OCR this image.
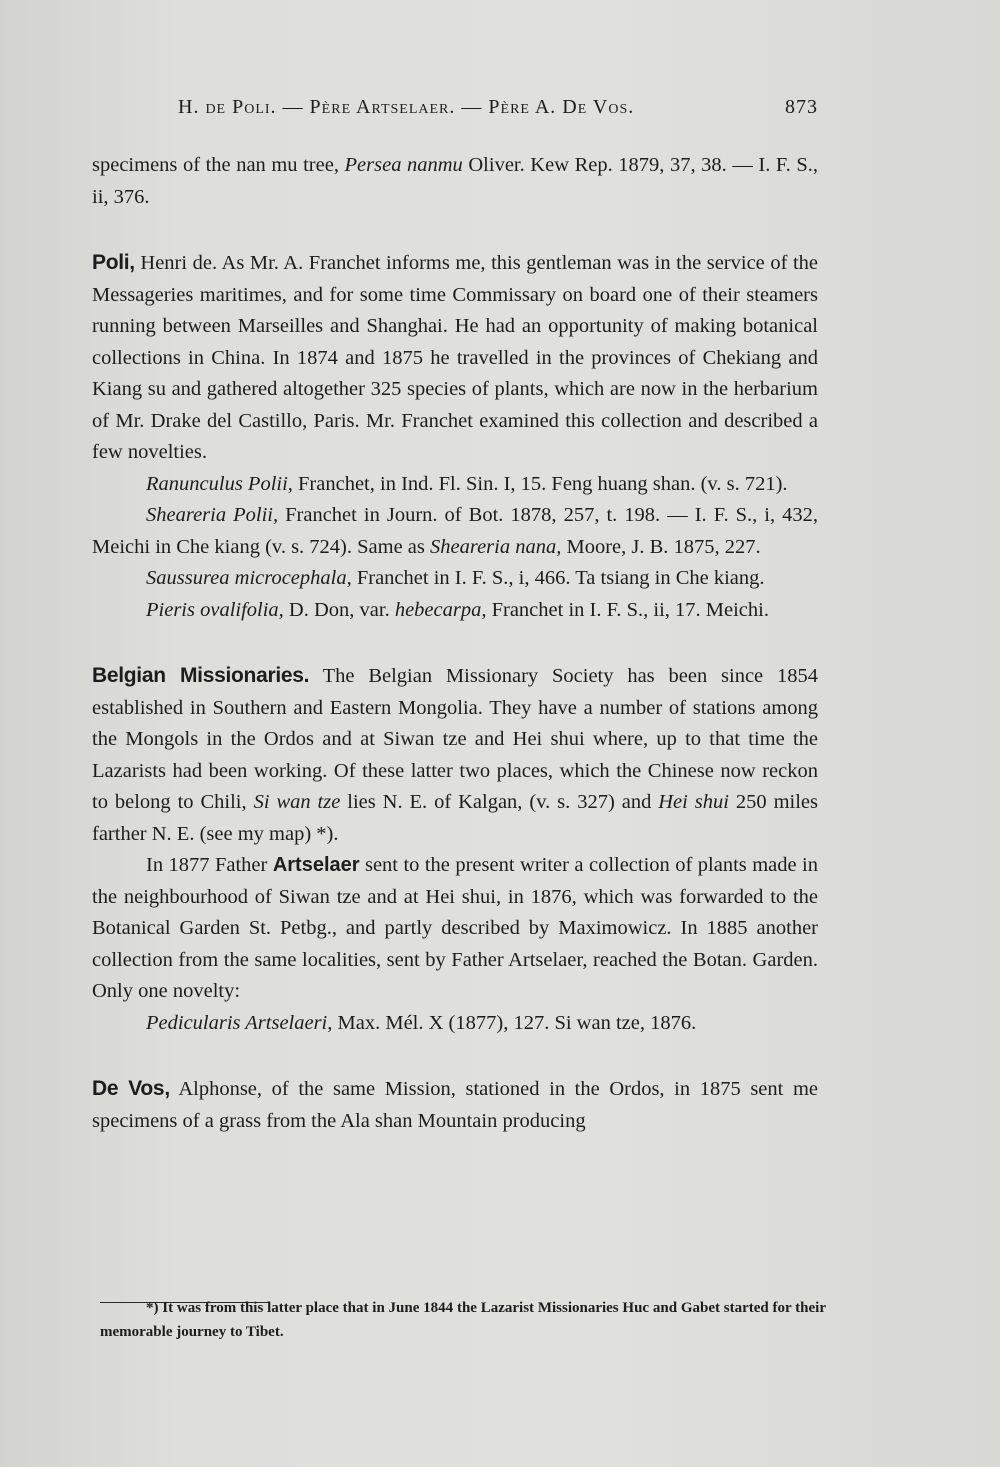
H. de Poli. — Père Artselaer. — Père A. De Vos.	873

specimens of the nan mu tree, Persea nanmu Oliver. Kew Rep. 1879, 37, 38. — I. F. S., ii, 376.

Poli, Henri de. As Mr. A. Franchet informs me, this gentleman was in the service of the Messageries maritimes, and for some time Commissary on board one of their steamers running between Marseilles and Shanghai. He had an opportunity of making botanical collections in China. In 1874 and 1875 he travelled in the provinces of Chekiang and Kiang su and gathered altogether 325 species of plants, which are now in the herbarium of Mr. Drake del Castillo, Paris. Mr. Franchet examined this collection and described a few novelties.

Ranunculus Polii, Franchet, in Ind. Fl. Sin. I, 15. Feng huang shan. (v. s. 721).

Sheareria Polii, Franchet in Journ. of Bot. 1878, 257, t. 198. — I. F. S., i, 432, Meichi in Che kiang (v. s. 724). Same as Sheareria nana, Moore, J. B. 1875, 227.

Saussurea microcephala, Franchet in I. F. S., i, 466. Ta tsiang in Che kiang.

Pieris ovalifolia, D. Don, var. hebecarpa, Franchet in I. F. S., ii, 17. Meichi.

Belgian Missionaries. The Belgian Missionary Society has been since 1854 established in Southern and Eastern Mongolia. They have a number of stations among the Mongols in the Ordos and at Siwan tze and Hei shui where, up to that time the Lazarists had been working. Of these latter two places, which the Chinese now reckon to belong to Chili, Si wan tze lies N. E. of Kalgan, (v. s. 327) and Hei shui 250 miles farther N. E. (see my map) *).

In 1877 Father Artselaer sent to the present writer a collection of plants made in the neighbourhood of Siwan tze and at Hei shui, in 1876, which was forwarded to the Botanical Garden St. Petbg., and partly described by Maximowicz. In 1885 another collection from the same localities, sent by Father Artselaer, reached the Botan. Garden. Only one novelty:

Pedicularis Artselaeri, Max. Mél. X (1877), 127. Si wan tze, 1876.

De Vos, Alphonse, of the same Mission, stationed in the Ordos, in 1875 sent me specimens of a grass from the Ala shan Mountain producing

*) It was from this latter place that in June 1844 the Lazarist Missionaries Huc and Gabet started for their memorable journey to Tibet.
